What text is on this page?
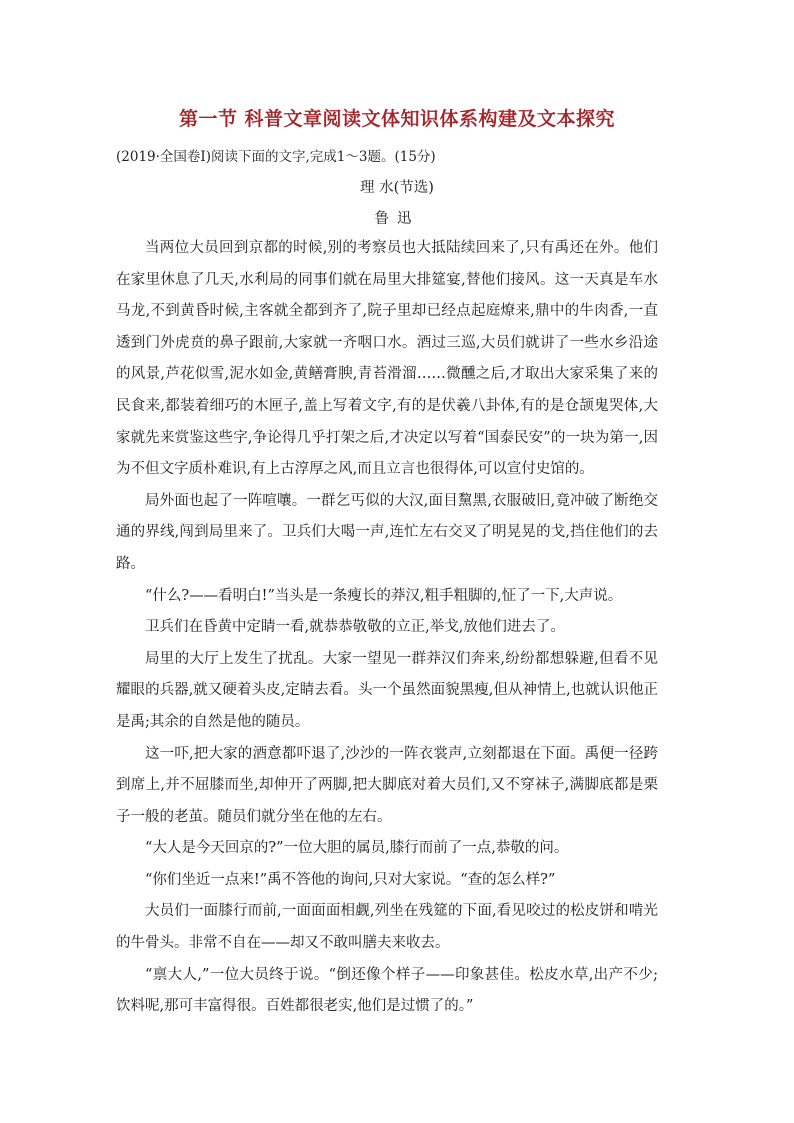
第一节 科普文章阅读文体知识体系构建及文本探究
(2019·全国卷Ⅰ)阅读下面的文字,完成1～3题。(15分)
理 水(节选)
鲁迅

当两位大员回到京都的时候,别的考察员也大抵陆续回来了,只有禹还在外。他们在家里休息了几天,水利局的同事们就在局里大排筵宴,替他们接风。这一天真是车水马龙,不到黄昏时候,主客就全都到齐了,院子里却已经点起庭燎来,鼎中的牛肉香,一直透到门外虎贲的鼻子跟前,大家就一齐咽口水。酒过三巡,大员们就讲了一些水乡沿途的风景,芦花似雪,泥水如金,黄鳝膏腴,青苔滑溜……微醺之后,才取出大家采集了来的民食来,都装着细巧的木匣子,盖上写着文字,有的是伏羲八卦体,有的是仓颉鬼哭体,大家就先来赏鉴这些字,争论得几乎打架之后,才决定以写着“国泰民安”的一块为第一,因为不但文字质朴难识,有上古淳厚之风,而且立言也很得体,可以宣付史馆的。

局外面也起了一阵喧嚷。一群乞丐似的大汉,面目黧黑,衣服破旧,竟冲破了断绝交通的界线,闯到局里来了。卫兵们大喝一声,连忙左右交叉了明晃晃的戈,挡住他们的去路。

“什么?——看明白!”当头是一条瘦长的莽汉,粗手粗脚的,怔了一下,大声说。

卫兵们在昏黄中定睛一看,就恭恭敬敬的立正,举戈,放他们进去了。

局里的大厅上发生了扰乱。大家一望见一群莽汉们奔来,纷纷都想躲避,但看不见耀眼的兵器,就又硬着头皮,定睛去看。头一个虽然面貌黑瘦,但从神情上,也就认识他正是禹;其余的自然是他的随员。

这一吓,把大家的酒意都吓退了,沙沙的一阵衣裳声,立刻都退在下面。禹便一径跨到席上,并不屈膝而坐,却伸开了两脚,把大脚底对着大员们,又不穿袜子,满脚底都是栗子一般的老茧。随员们就分坐在他的左右。

“大人是今天回京的?”一位大胆的属员,膝行而前了一点,恭敬的问。

“你们坐近一点来!”禹不答他的询问,只对大家说。“查的怎么样?”

大员们一面膝行而前,一面面面相觑,列坐在残筵的下面,看见咬过的松皮饼和啃光的牛骨头。非常不自在——却又不敢叫膳夫来收去。

“禀大人,”一位大员终于说。“倒还像个样子——印象甚佳。松皮水草,出产不少;饮料呢,那可丰富得很。百姓都很老实,他们是过惯了的。”
